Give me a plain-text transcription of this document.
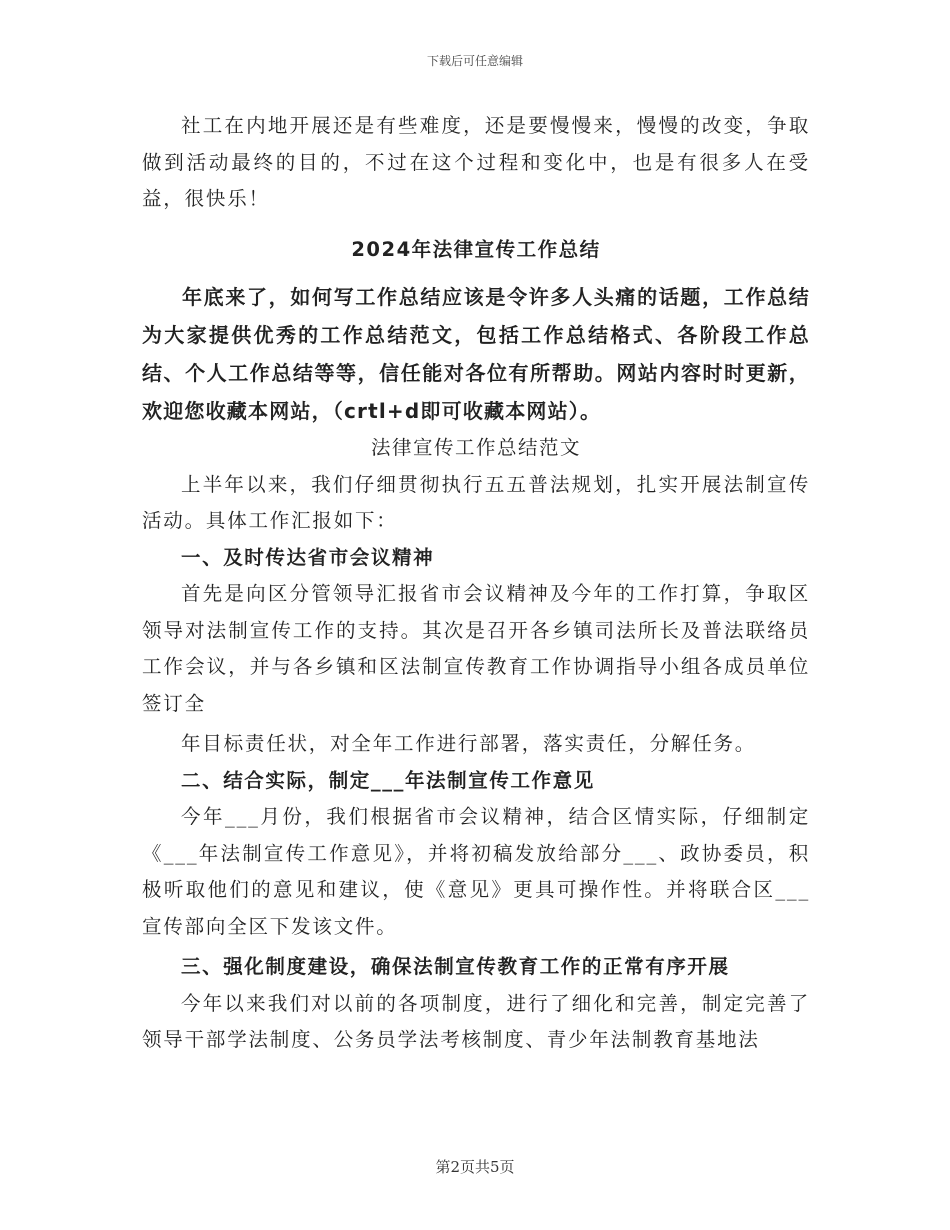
下载后可任意编辑

社工在内地开展还是有些难度，还是要慢慢来，慢慢的改变，争取做到活动最终的目的，不过在这个过程和变化中，也是有很多人在受益，很快乐！

2024年法律宣传工作总结

年底来了，如何写工作总结应该是令许多人头痛的话题，工作总结为大家提供优秀的工作总结范文，包括工作总结格式、各阶段工作总结、个人工作总结等等，信任能对各位有所帮助。网站内容时时更新，欢迎您收藏本网站，（crtl+d即可收藏本网站）。

法律宣传工作总结范文

上半年以来，我们仔细贯彻执行五五普法规划，扎实开展法制宣传活动。具体工作汇报如下：

一、及时传达省市会议精神

首先是向区分管领导汇报省市会议精神及今年的工作打算，争取区领导对法制宣传工作的支持。其次是召开各乡镇司法所长及普法联络员工作会议，并与各乡镇和区法制宣传教育工作协调指导小组各成员单位签订全

年目标责任状，对全年工作进行部署，落实责任，分解任务。

二、结合实际，制定___年法制宣传工作意见

今年___月份，我们根据省市会议精神，结合区情实际，仔细制定《___年法制宣传工作意见》，并将初稿发放给部分___、政协委员，积极听取他们的意见和建议，使《意见》更具可操作性。并将联合区___宣传部向全区下发该文件。

三、强化制度建设，确保法制宣传教育工作的正常有序开展

今年以来我们对以前的各项制度，进行了细化和完善，制定完善了领导干部学法制度、公务员学法考核制度、青少年法制教育基地法

第2页共5页
